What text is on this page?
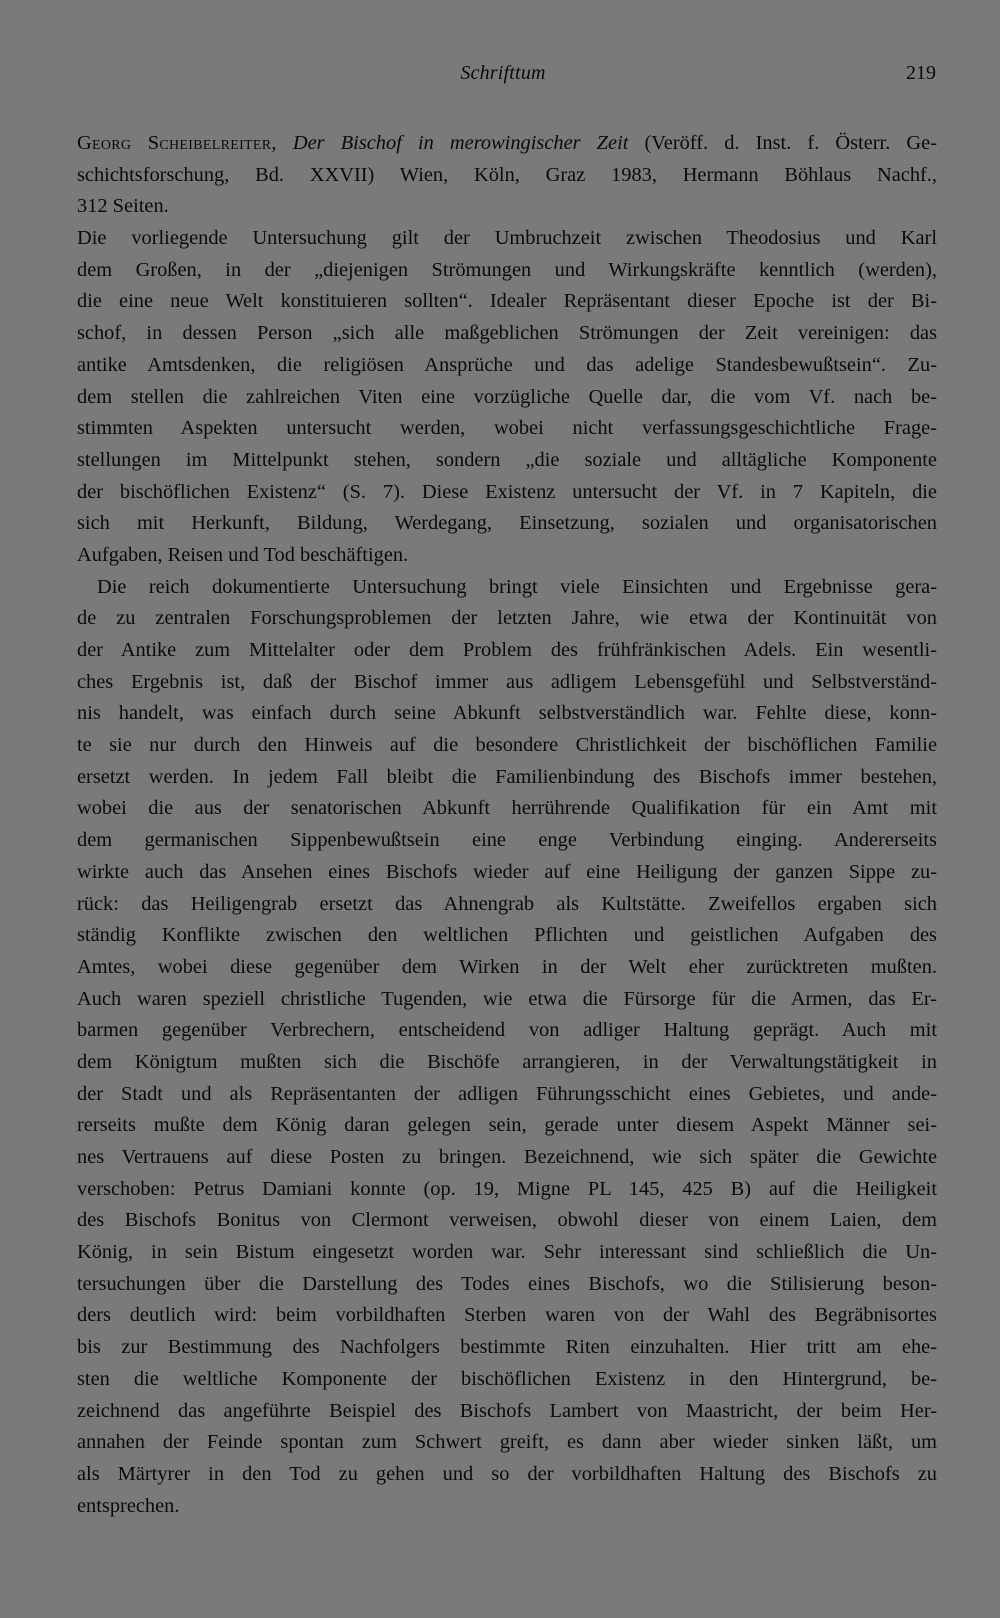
Schrifttum	219
Georg Scheibelreiter, Der Bischof in merowingischer Zeit (Veröff. d. Inst. f. Österr. Ge-
schichtsforschung, Bd. XXVII) Wien, Köln, Graz 1983, Hermann Böhlaus Nachf.,
312 Seiten.
Die vorliegende Untersuchung gilt der Umbruchzeit zwischen Theodosius und Karl
dem Großen, in der „diejenigen Strömungen und Wirkungskräfte kenntlich (werden),
die eine neue Welt konstituieren sollten“. Idealer Repräsentant dieser Epoche ist der Bi-
schof, in dessen Person „sich alle maßgeblichen Strömungen der Zeit vereinigen: das
antike Amtsdenken, die religiösen Ansprüche und das adelige Standesbewußtsein“. Zu-
dem stellen die zahlreichen Viten eine vorzügliche Quelle dar, die vom Vf. nach be-
stimmten Aspekten untersucht werden, wobei nicht verfassungsgeschichtliche Frage-
stellungen im Mittelpunkt stehen, sondern „die soziale und alltägliche Komponente
der bischöflichen Existenz“ (S. 7). Diese Existenz untersucht der Vf. in 7 Kapiteln, die
sich mit Herkunft, Bildung, Werdegang, Einsetzung, sozialen und organisatorischen
Aufgaben, Reisen und Tod beschäftigen.
Die reich dokumentierte Untersuchung bringt viele Einsichten und Ergebnisse gera-
de zu zentralen Forschungsproblemen der letzten Jahre, wie etwa der Kontinuität von
der Antike zum Mittelalter oder dem Problem des frühfränkischen Adels. Ein wesentli-
ches Ergebnis ist, daß der Bischof immer aus adligem Lebensgefühl und Selbstverständ-
nis handelt, was einfach durch seine Abkunft selbstverständlich war. Fehlte diese, konn-
te sie nur durch den Hinweis auf die besondere Christlichkeit der bischöflichen Familie
ersetzt werden. In jedem Fall bleibt die Familienbindung des Bischofs immer bestehen,
wobei die aus der senatorischen Abkunft herrührende Qualifikation für ein Amt mit
dem germanischen Sippenbewußtsein eine enge Verbindung einging. Andererseits
wirkte auch das Ansehen eines Bischofs wieder auf eine Heiligung der ganzen Sippe zu-
rück: das Heiligengrab ersetzt das Ahnengrab als Kultstätte. Zweifellos ergaben sich
ständig Konflikte zwischen den weltlichen Pflichten und geistlichen Aufgaben des
Amtes, wobei diese gegenüber dem Wirken in der Welt eher zurücktreten mußten.
Auch waren speziell christliche Tugenden, wie etwa die Fürsorge für die Armen, das Er-
barmen gegenüber Verbrechern, entscheidend von adliger Haltung geprägt. Auch mit
dem Königtum mußten sich die Bischöfe arrangieren, in der Verwaltungstätigkeit in
der Stadt und als Repräsentanten der adligen Führungsschicht eines Gebietes, und ande-
rerseits mußte dem König daran gelegen sein, gerade unter diesem Aspekt Männer sei-
nes Vertrauens auf diese Posten zu bringen. Bezeichnend, wie sich später die Gewichte
verschoben: Petrus Damiani konnte (op. 19, Migne PL 145, 425 B) auf die Heiligkeit
des Bischofs Bonitus von Clermont verweisen, obwohl dieser von einem Laien, dem
König, in sein Bistum eingesetzt worden war. Sehr interessant sind schließlich die Un-
tersuchungen über die Darstellung des Todes eines Bischofs, wo die Stilisierung beson-
ders deutlich wird: beim vorbildhaften Sterben waren von der Wahl des Begräbnisortes
bis zur Bestimmung des Nachfolgers bestimmte Riten einzuhalten. Hier tritt am ehe-
sten die weltliche Komponente der bischöflichen Existenz in den Hintergrund, be-
zeichnend das angeführte Beispiel des Bischofs Lambert von Maastricht, der beim Her-
annahen der Feinde spontan zum Schwert greift, es dann aber wieder sinken läßt, um
als Märtyrer in den Tod zu gehen und so der vorbildhaften Haltung des Bischofs zu
entsprechen.
